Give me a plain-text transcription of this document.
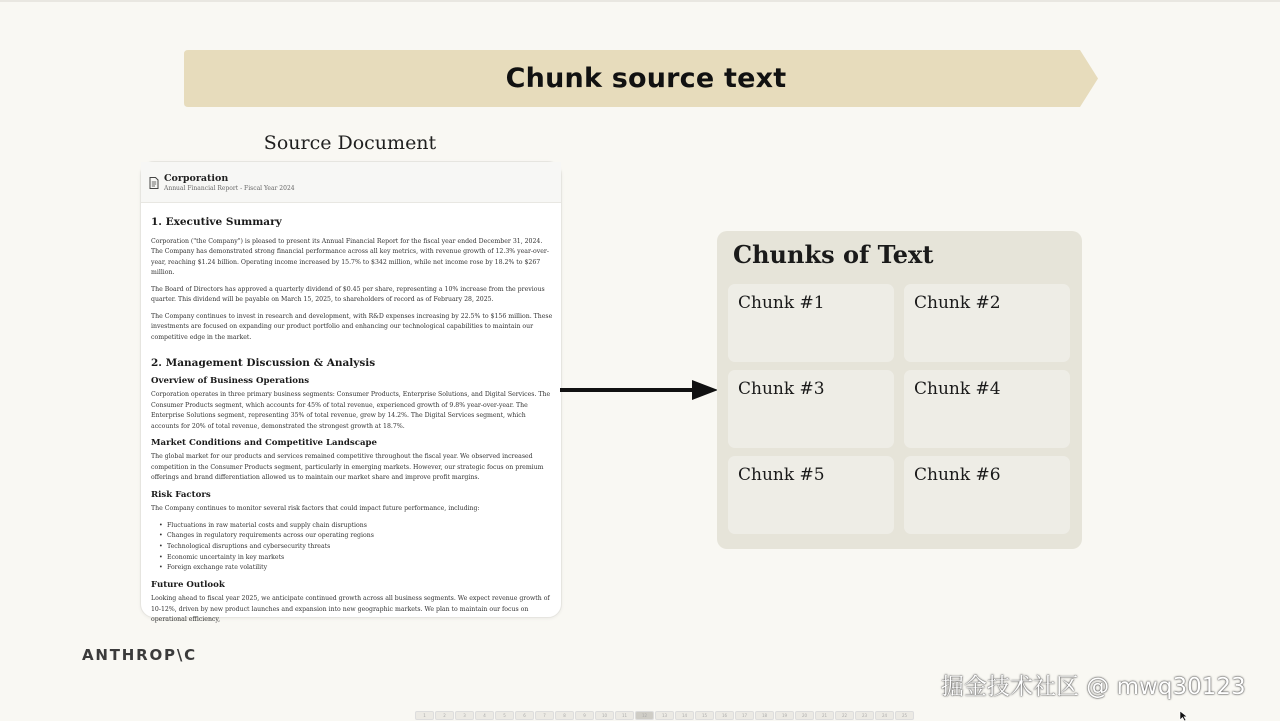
Chunk source text
Source Document
Corporation
Annual Financial Report - Fiscal Year 2024
1. Executive Summary
Corporation ("the Company") is pleased to present its Annual Financial Report for the fiscal year ended December 31, 2024. The Company has demonstrated strong financial performance across all key metrics, with revenue growth of 12.3% year-over-year, reaching $1.24 billion. Operating income increased by 15.7% to $342 million, while net income rose by 18.2% to $267 million.
The Board of Directors has approved a quarterly dividend of $0.45 per share, representing a 10% increase from the previous quarter. This dividend will be payable on March 15, 2025, to shareholders of record as of February 28, 2025.
The Company continues to invest in research and development, with R&D expenses increasing by 22.5% to $156 million. These investments are focused on expanding our product portfolio and enhancing our technological capabilities to maintain our competitive edge in the market.
2. Management Discussion & Analysis
Overview of Business Operations
Corporation operates in three primary business segments: Consumer Products, Enterprise Solutions, and Digital Services. The Consumer Products segment, which accounts for 45% of total revenue, experienced growth of 9.8% year-over-year. The Enterprise Solutions segment, representing 35% of total revenue, grew by 14.2%. The Digital Services segment, which accounts for 20% of total revenue, demonstrated the strongest growth at 18.7%.
Market Conditions and Competitive Landscape
The global market for our products and services remained competitive throughout the fiscal year. We observed increased competition in the Consumer Products segment, particularly in emerging markets. However, our strategic focus on premium offerings and brand differentiation allowed us to maintain our market share and improve profit margins.
Risk Factors
The Company continues to monitor several risk factors that could impact future performance, including:
• Fluctuations in raw material costs and supply chain disruptions
• Changes in regulatory requirements across our operating regions
• Technological disruptions and cybersecurity threats
• Economic uncertainty in key markets
• Foreign exchange rate volatility
Future Outlook
Looking ahead to fiscal year 2025, we anticipate continued growth across all business segments. We expect revenue growth of 10-12%, driven by new product launches and expansion into new geographic markets. We plan to maintain our focus on operational efficiency,
Chunks of Text
Chunk #1	Chunk #2
Chunk #3	Chunk #4
Chunk #5	Chunk #6
ANTHROP\C
掘金技术社区 @ mwq30123
1	2	3	4	5	6	7	8	9	10	11	12	13	14	15	16	17	18	19	20	21	22	23	24	25
